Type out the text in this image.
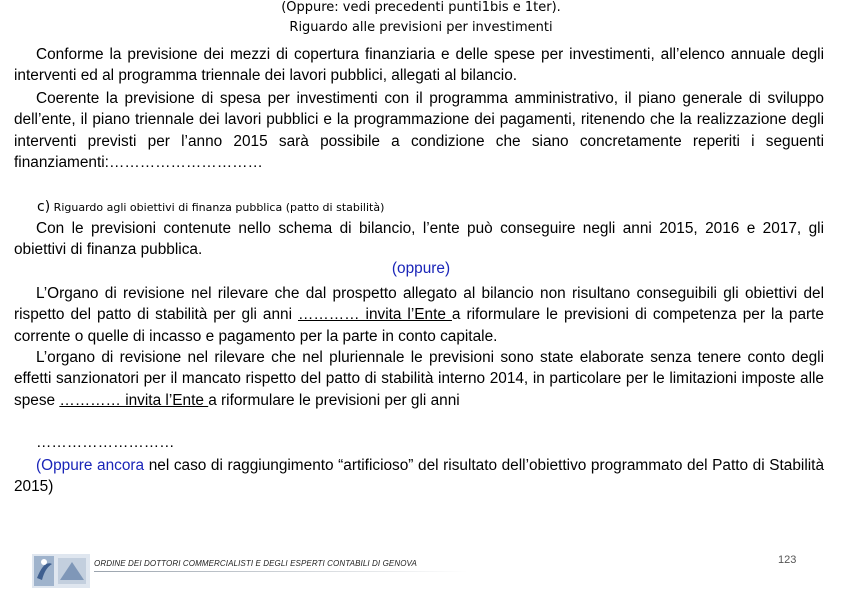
(Oppure: vedi precedenti punti1bis e 1ter).
Riguardo alle previsioni per investimenti
Conforme la previsione dei mezzi di copertura finanziaria e delle spese per investimenti, all’elenco annuale degli interventi ed al programma triennale dei lavori pubblici, allegati al bilancio.
Coerente la previsione di spesa per investimenti con il programma amministrativo, il piano generale di sviluppo dell’ente, il piano triennale dei lavori pubblici e la programmazione dei pagamenti, ritenendo che la realizzazione degli interventi previsti per l’anno 2015 sarà possibile a condizione che siano concretamente reperiti i seguenti finanziamenti:…………………………
c) Riguardo agli obiettivi di finanza pubblica (patto di stabilità)
Con le previsioni contenute nello schema di bilancio, l’ente può conseguire negli anni 2015, 2016 e 2017, gli obiettivi di finanza pubblica.
(oppure)
L’Organo di revisione nel rilevare che dal prospetto allegato al bilancio non risultano conseguibili gli obiettivi del rispetto del patto di stabilità per gli anni ………… invita l’Ente a riformulare le previsioni di competenza per la parte corrente o quelle di incasso e pagamento per la parte in conto capitale.
L’organo di revisione nel rilevare che nel pluriennale le previsioni sono state elaborate senza tenere conto degli effetti sanzionatori per il mancato rispetto del patto di stabilità interno 2014, in particolare per le limitazioni imposte alle spese ………… invita l’Ente a riformulare le previsioni per gli anni
………………………
(Oppure ancora nel caso di raggiungimento “artificioso” del risultato dell’obiettivo programmato del Patto di Stabilità 2015)
ORDINE DEI DOTTORI COMMERCIALISTI E DEGLI ESPERTI CONTABILI DI GENOVA	123
